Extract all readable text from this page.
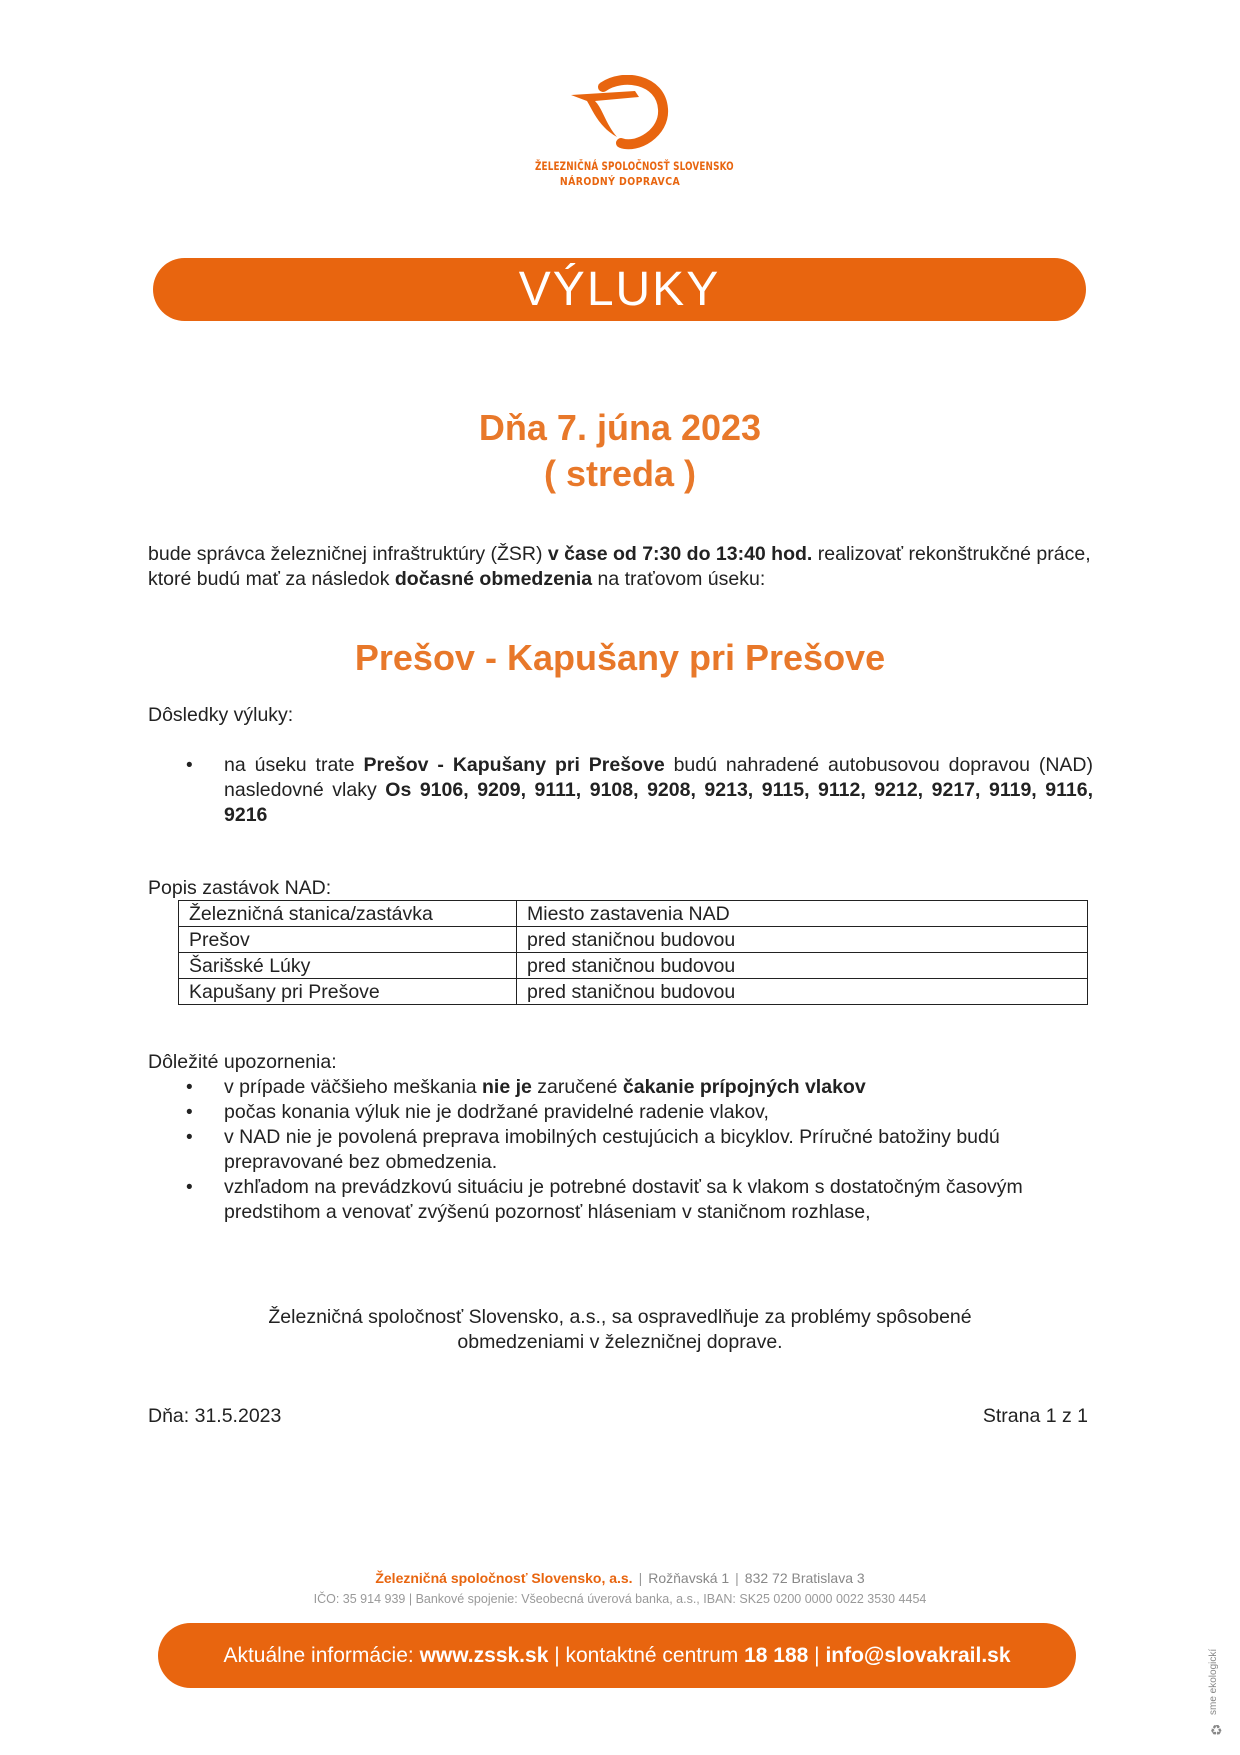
ŽELEZNIČNÁ SPOLOČNOSŤ SLOVENSKO
NÁRODNÝ DOPRAVCA
VÝLUKY
Dňa 7. júna 2023
( streda )
bude správca železničnej infraštruktúry (ŽSR) v čase od 7:30 do 13:40 hod. realizovať rekonštrukčné práce, ktoré budú mať za následok dočasné obmedzenia na traťovom úseku:
Prešov - Kapušany pri Prešove
Dôsledky výluky:
• na úseku trate Prešov - Kapušany pri Prešove budú nahradené autobusovou dopravou (NAD) nasledovné vlaky Os 9106, 9209, 9111, 9108, 9208, 9213, 9115, 9112, 9212, 9217, 9119, 9116, 9216
Popis zastávok NAD:
Železničná stanica/zastávka	Miesto zastavenia NAD
Prešov	pred staničnou budovou
Šarišské Lúky	pred staničnou budovou
Kapušany pri Prešove	pred staničnou budovou
Dôležité upozornenia:
• v prípade väčšieho meškania nie je zaručené čakanie prípojných vlakov
• počas konania výluk nie je dodržané pravidelné radenie vlakov,
• v NAD nie je povolená preprava imobilných cestujúcich a bicyklov. Príručné batožiny budú prepravované bez obmedzenia.
• vzhľadom na prevádzkovú situáciu je potrebné dostaviť sa k vlakom s dostatočným časovým predstihom a venovať zvýšenú pozornosť hláseniam v staničnom rozhlase,
Železničná spoločnosť Slovensko, a.s., sa ospravedlňuje za problémy spôsobené
obmedzeniami v železničnej doprave.
Dňa: 31.5.2023	Strana 1 z 1
Železničná spoločnosť Slovensko, a.s. | Rožňavská 1 | 832 72 Bratislava 3
IČO: 35 914 939 | Bankové spojenie: Všeobecná úverová banka, a.s., IBAN: SK25 0200 0000 0022 3530 4454
Aktuálne informácie: www.zssk.sk | kontaktné centrum 18 188 | info@slovakrail.sk	sme ekologickí
♻
